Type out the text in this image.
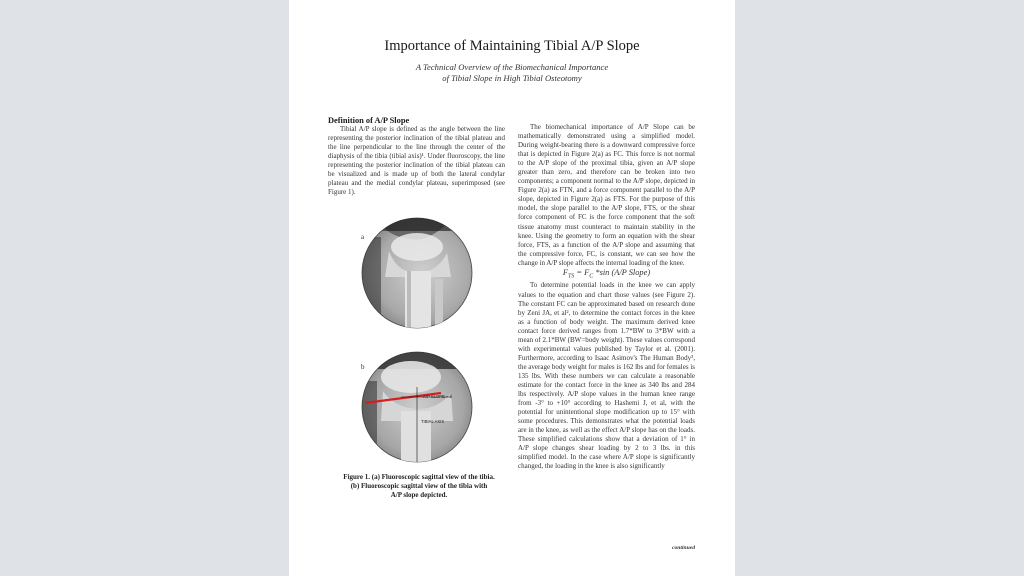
Importance of Maintaining Tibial A/P Slope
A Technical Overview of the Biomechanical Importance
of Tibial Slope in High Tibial Osteotomy

Definition of A/P Slope

Tibial A/P slope is defined as the angle between the line representing the posterior inclination of the tibial plateau and the line perpendicular to the line through the center of the diaphysis of the tibia (tibial axis)¹. Under fluoroscopy, the line representing the posterior inclination of the tibial plateau can be visualized and is made up of both the lateral condylar plateau and the medial condylar plateau, superimposed (see Figure 1).

a
b
A/P SLOPE = θ
TIBIAL AXIS
Figure 1. (a) Fluoroscopic sagittal view of the tibia.
(b) Fluoroscopic sagittal view of the tibia with
A/P slope depicted.

The biomechanical importance of A/P Slope can be mathematically demonstrated using a simplified model. During weight-bearing there is a downward compressive force that is depicted in Figure 2(a) as FC. This force is not normal to the A/P slope of the proximal tibia, given an A/P slope greater than zero, and therefore can be broken into two components; a component normal to the A/P slope, depicted in Figure 2(a) as FTN, and a force component parallel to the A/P slope, depicted in Figure 2(a) as FTS. For the purpose of this model, the slope parallel to the A/P slope, FTS, or the shear force component of FC is the force component that the soft tissue anatomy must counteract to maintain stability in the knee. Using the geometry to form an equation with the shear force, FTS, as a function of the A/P slope and assuming that the compressive force, FC, is constant, we can see how the change in A/P slope affects the internal loading of the knee.

$F_{TS} = F_C$ *sin (A/P Slope)

To determine potential loads in the knee we can apply values to the equation and chart those values (see Figure 2). The constant FC can be approximated based on research done by Zeni JA, et al², to determine the contact forces in the knee as a function of body weight. The maximum derived knee contact force derived ranges from 1.7*BW to 3*BW with a mean of 2.1*BW (BW=body weight). These values correspond with experimental values published by Taylor et al. (2001). Furthermore, according to Isaac Asimov's The Human Body³, the average body weight for males is 162 lbs and for females is 135 lbs. With these numbers we can calculate a reasonable estimate for the contact force in the knee as 340 lbs and 284 lbs respectively. A/P slope values in the human knee range from -3° to +10° according to Hashemi J, et al, with the potential for unintentional slope modification up to 15° with some procedures. This demonstrates what the potential loads are in the knee, as well as the effect A/P slope has on the loads. These simplified calculations show that a deviation of 1° in A/P slope changes shear loading by 2 to 3 lbs. in this simplified model. In the case where A/P slope is significantly changed, the loading in the knee is also significantly

continued
